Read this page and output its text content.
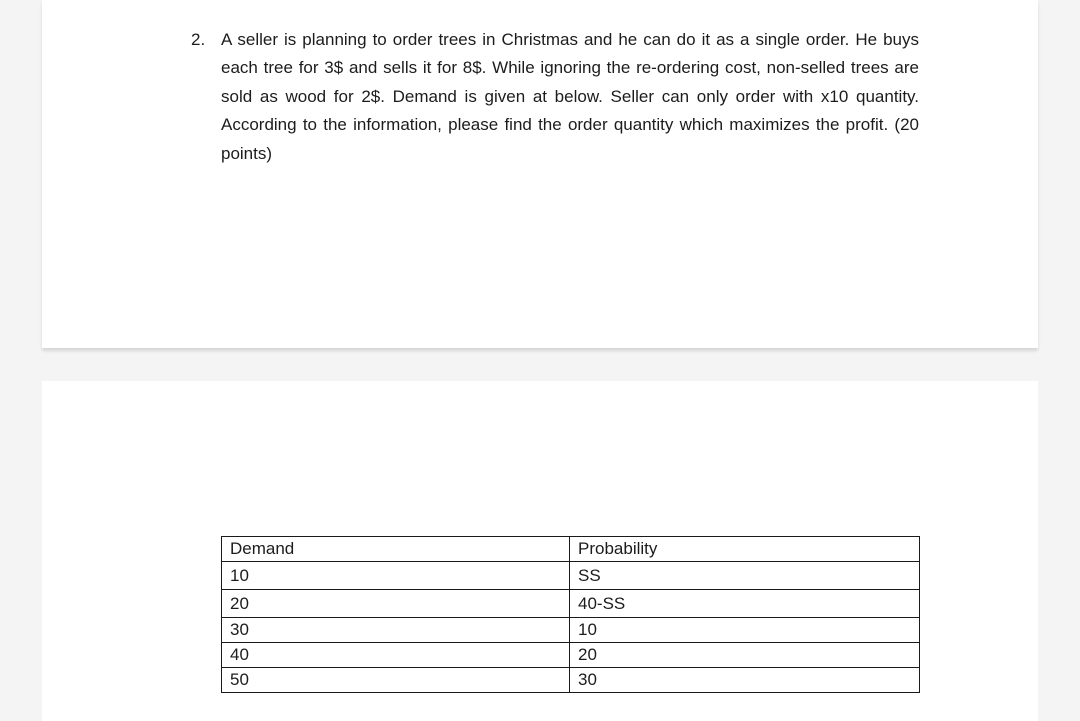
2. A seller is planning to order trees in Christmas and he can do it as a single order. He buys each tree for 3$ and sells it for 8$. While ignoring the re-ordering cost, non-selled trees are sold as wood for 2$. Demand is given at below. Seller can only order with x10 quantity. According to the information, please find the order quantity which maximizes the profit. (20 points)
Demand	Probability
10	SS
20	40-SS
30	10
40	20
50	30
